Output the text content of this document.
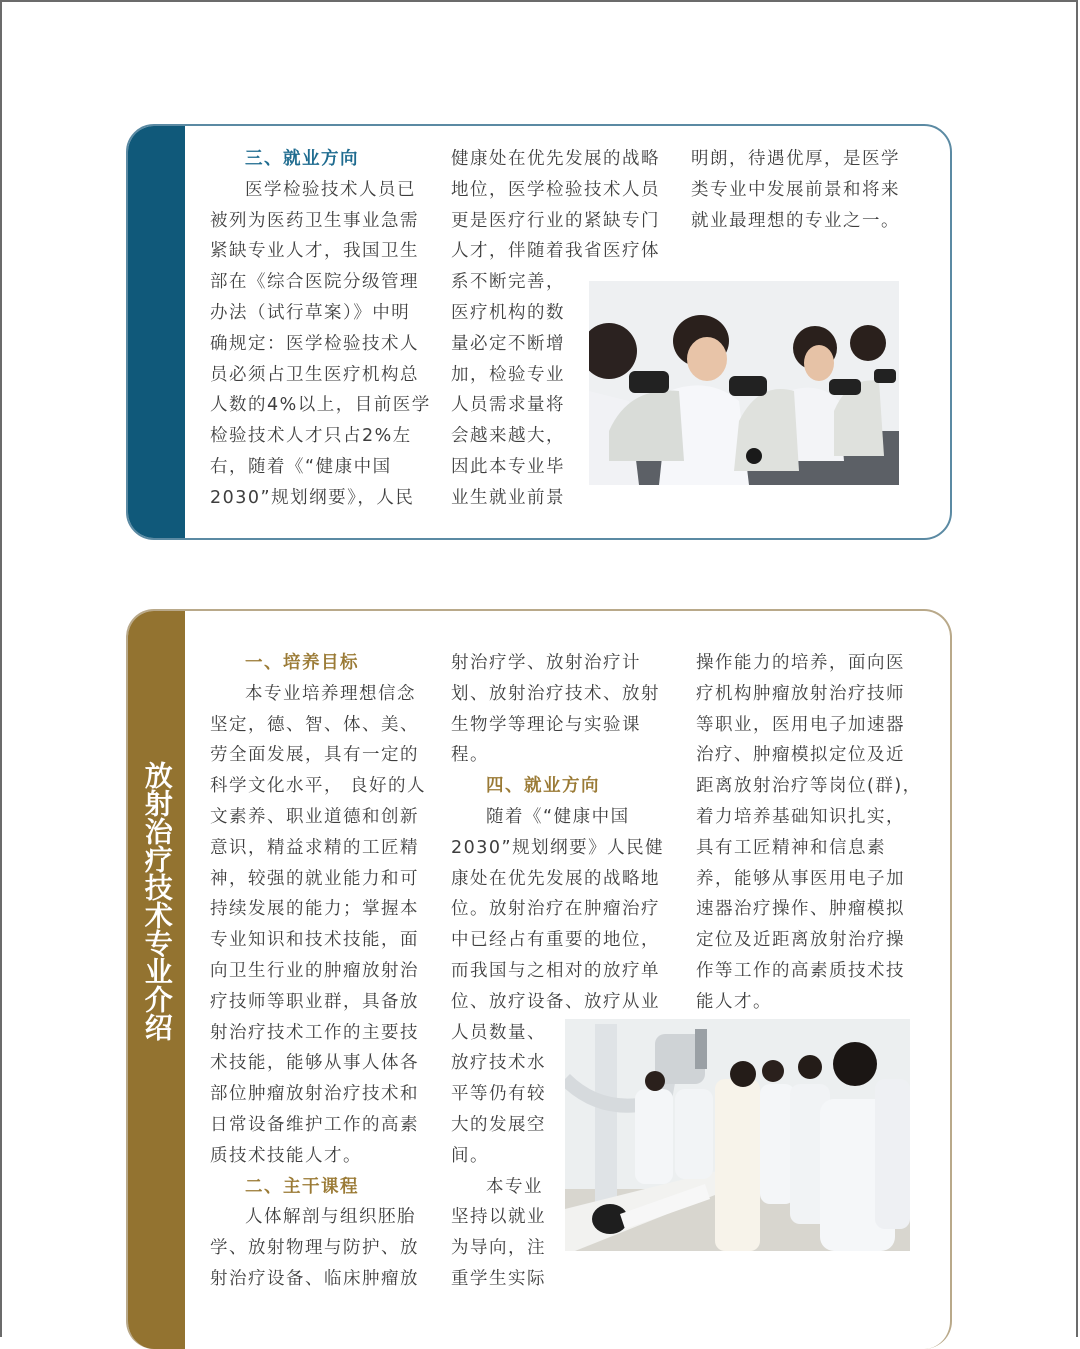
三、就业方向

医学检验技术人员已

被列为医药卫生事业急需

紧缺专业人才，我国卫生

部在《综合医院分级管理

办法（试行草案）》中明

确规定：医学检验技术人

员必须占卫生医疗机构总

人数的4%以上，目前医学

检验技术人才只占2%左

右，随着《“健康中国

2030”规划纲要》，人民

健康处在优先发展的战略

地位，医学检验技术人员

更是医疗行业的紧缺专门

人才，伴随着我省医疗体

系不断完善，

医疗机构的数

量必定不断增

加，检验专业

人员需求量将

会越来越大，

因此本专业毕

业生就业前景

明朗，待遇优厚，是医学

类专业中发展前景和将来

就业最理想的专业之一。

放射治疗技术专业介绍

一、培养目标

本专业培养理想信念

坚定，德、智、体、美、

劳全面发展，具有一定的

科学文化水平， 良好的人

文素养、职业道德和创新

意识，精益求精的工匠精

神，较强的就业能力和可

持续发展的能力；掌握本

专业知识和技术技能，面

向卫生行业的肿瘤放射治

疗技师等职业群，具备放

射治疗技术工作的主要技

术技能，能够从事人体各

部位肿瘤放射治疗技术和

日常设备维护工作的高素

质技术技能人才。

二、主干课程

人体解剖与组织胚胎

学、放射物理与防护、放

射治疗设备、临床肿瘤放

射治疗学、放射治疗计

划、放射治疗技术、放射

生物学等理论与实验课

程。

四、就业方向

随着《“健康中国

2030”规划纲要》人民健

康处在优先发展的战略地

位。放射治疗在肿瘤治疗

中已经占有重要的地位，

而我国与之相对的放疗单

位、放疗设备、放疗从业

人员数量、

放疗技术水

平等仍有较

大的发展空

间。

本专业

坚持以就业

为导向，注

重学生实际

操作能力的培养，面向医

疗机构肿瘤放射治疗技师

等职业，医用电子加速器

治疗、肿瘤模拟定位及近

距离放射治疗等岗位(群)，

着力培养基础知识扎实，

具有工匠精神和信息素

养，能够从事医用电子加

速器治疗操作、肿瘤模拟

定位及近距离放射治疗操

作等工作的高素质技术技

能人才。
